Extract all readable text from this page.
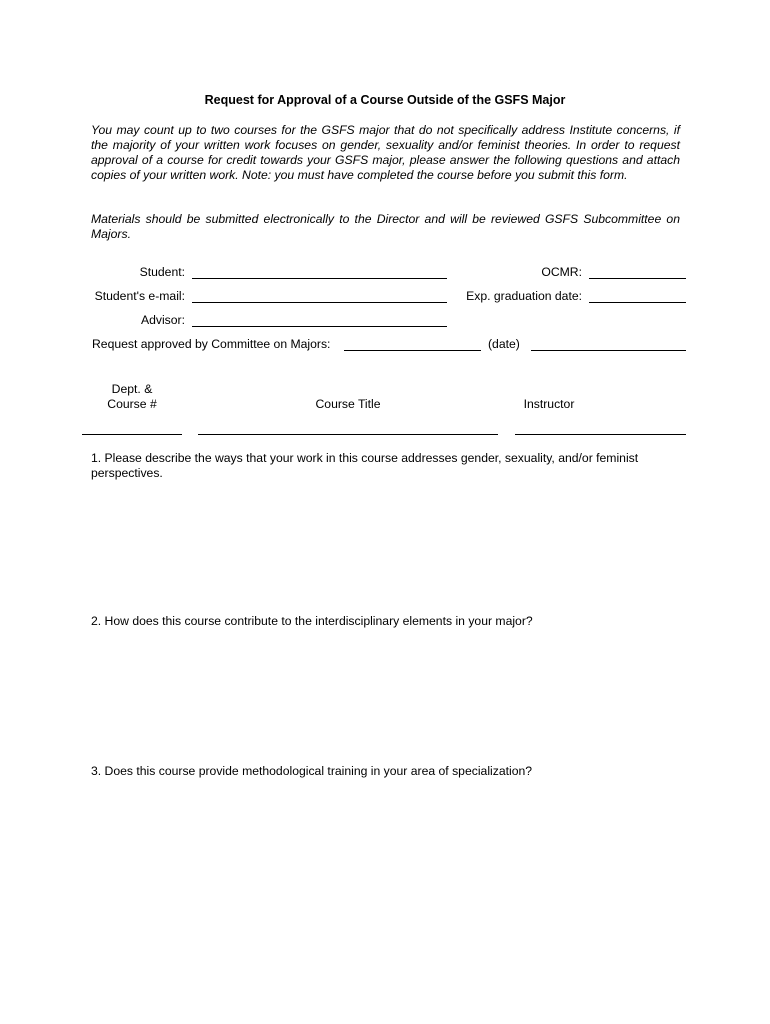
Request for Approval of a Course Outside of the GSFS Major
You may count up to two courses for the GSFS major that do not specifically address Institute concerns, if the majority of your written work focuses on gender, sexuality and/or feminist theories. In order to request approval of a course for credit towards your GSFS major, please answer the following questions and attach copies of your written work. Note: you must have completed the course before you submit this form.
Materials should be submitted electronically to the Director and will be reviewed GSFS Subcommittee on Majors.
Student:	OCMR:
Student's e-mail:	Exp. graduation date:
Advisor:
Request approved by Committee on Majors:	(date)
Dept. &
Course #	Course Title	Instructor
1. Please describe the ways that your work in this course addresses gender, sexuality, and/or feminist perspectives.
2. How does this course contribute to the interdisciplinary elements in your major?
3. Does this course provide methodological training in your area of specialization?
